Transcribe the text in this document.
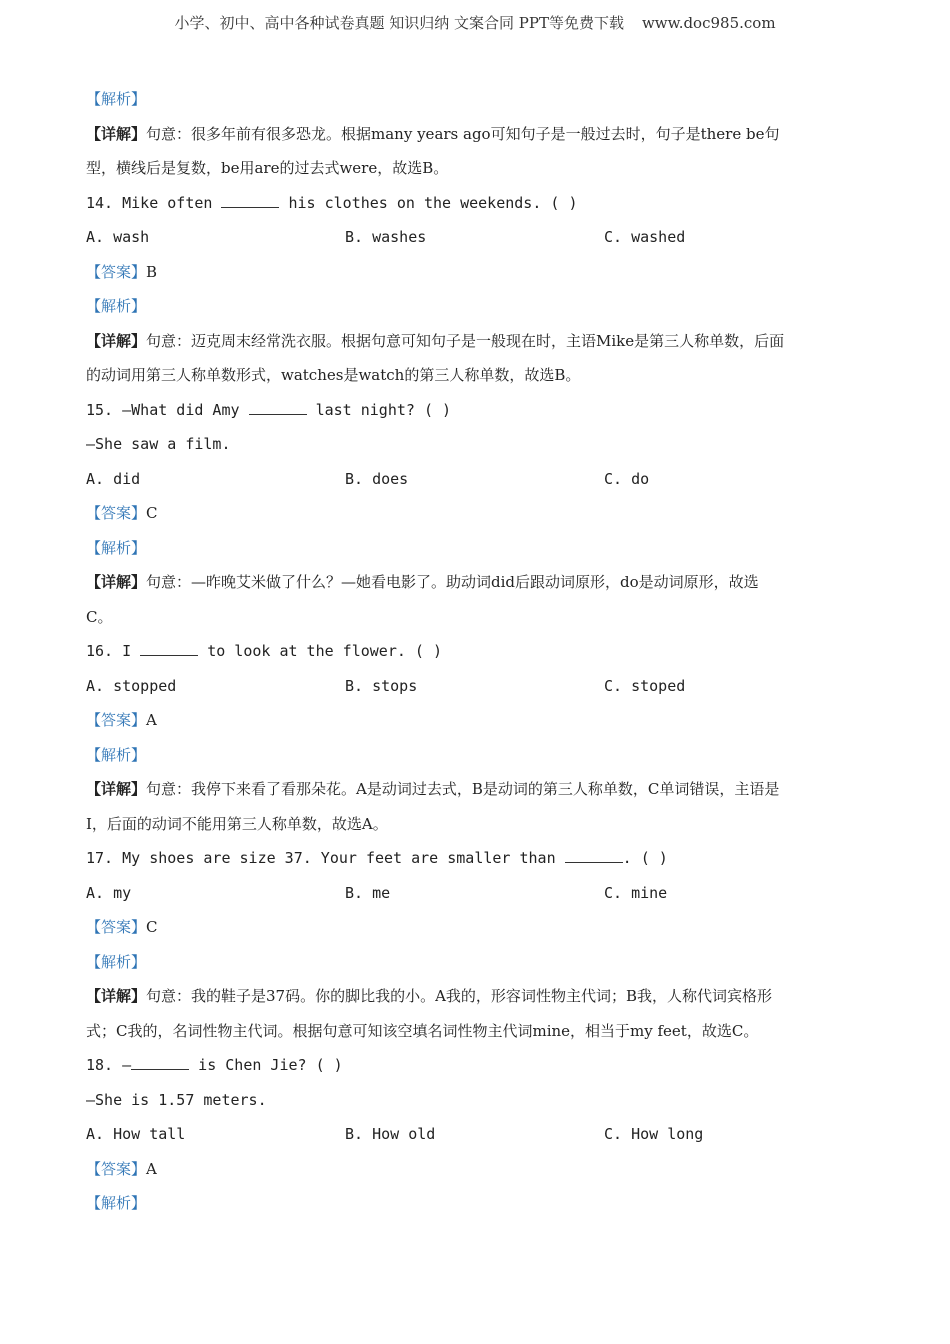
小学、初中、高中各种试卷真题 知识归纳 文案合同 PPT等免费下载 www.doc985.com
【解析】
【详解】句意：很多年前有很多恐龙。根据many years ago可知句子是一般过去时，句子是there be句
型，横线后是复数，be用are的过去式were，故选B。
14. Mike often	his clothes on the weekends. ( )
A. wash	B. washes	C. washed
【答案】B
【解析】
【详解】句意：迈克周末经常洗衣服。根据句意可知句子是一般现在时，主语Mike是第三人称单数，后面
的动词用第三人称单数形式，watches是watch的第三人称单数，故选B。
15. —What did Amy	last night? ( )
—She saw a film.
A. did	B. does	C. do
【答案】C
【解析】
【详解】句意：—昨晚艾米做了什么？—她看电影了。助动词did后跟动词原形，do是动词原形，故选
C。
16. I	to look at the flower. ( )
A. stopped	B. stops	C. stoped
【答案】A
【解析】
【详解】句意：我停下来看了看那朵花。A是动词过去式，B是动词的第三人称单数，C单词错误，主语是
I，后面的动词不能用第三人称单数，故选A。
17. My shoes are size 37. Your feet are smaller than	. ( )
A. my	B. me	C. mine
【答案】C
【解析】
【详解】句意：我的鞋子是37码。你的脚比我的小。A我的，形容词性物主代词；B我，人称代词宾格形
式；C我的，名词性物主代词。根据句意可知该空填名词性物主代词mine，相当于my feet，故选C。
18. —	is Chen Jie? ( )
—She is 1.57 meters.
A. How tall	B. How old	C. How long
【答案】A
【解析】
